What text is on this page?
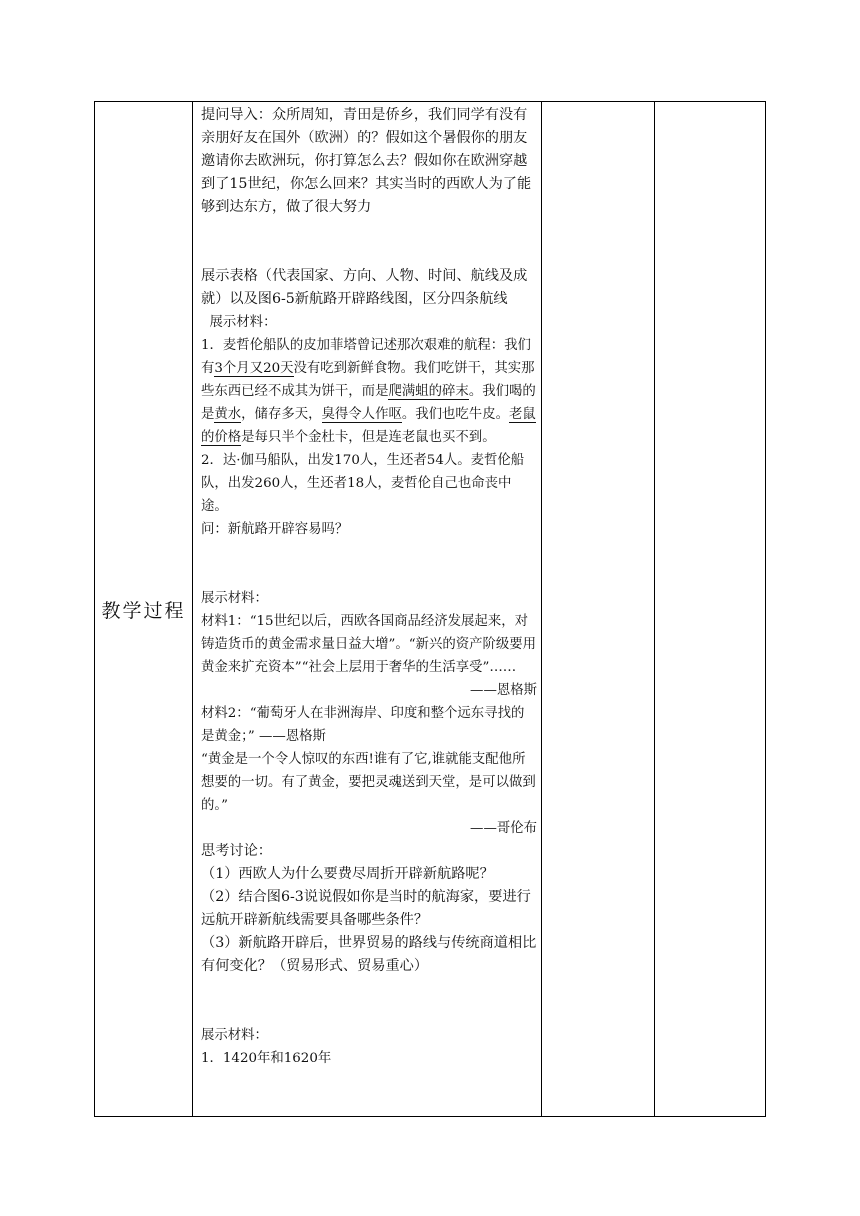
教学过程

提问导入：众所周知，青田是侨乡，我们同学有没有亲朋好友在国外（欧洲）的？假如这个暑假你的朋友邀请你去欧洲玩，你打算怎么去？假如你在欧洲穿越到了15世纪，你怎么回来？其实当时的西欧人为了能够到达东方，做了很大努力

展示表格（代表国家、方向、人物、时间、航线及成就）以及图6-5新航路开辟路线图，区分四条航线

展示材料：

1．麦哲伦船队的皮加菲塔曾记述那次艰难的航程：我们有3个月又20天没有吃到新鲜食物。我们吃饼干，其实那些东西已经不成其为饼干，而是爬满蛆的碎末。我们喝的是黄水，储存多天，臭得令人作呕。我们也吃牛皮。老鼠的价格是每只半个金杜卡，但是连老鼠也买不到。

2．达·伽马船队，出发170人，生还者54人。麦哲伦船队，出发260人，生还者18人，麦哲伦自己也命丧中途。

问：新航路开辟容易吗？

展示材料：

材料1：“15世纪以后，西欧各国商品经济发展起来，对铸造货币的黄金需求量日益大增”。“新兴的资产阶级要用黄金来扩充资本”“社会上层用于奢华的生活享受”……

——恩格斯

材料2：“葡萄牙人在非洲海岸、印度和整个远东寻找的是黄金；” ——恩格斯

“黄金是一个令人惊叹的东西!谁有了它,谁就能支配他所想要的一切。有了黄金，要把灵魂送到天堂，是可以做到的。”

——哥伦布

思考讨论：

（1）西欧人为什么要费尽周折开辟新航路呢？

（2）结合图6-3说说假如你是当时的航海家，要进行远航开辟新航线需要具备哪些条件？

（3）新航路开辟后，世界贸易的路线与传统商道相比有何变化？（贸易形式、贸易重心）

展示材料：

1．1420年和1620年
